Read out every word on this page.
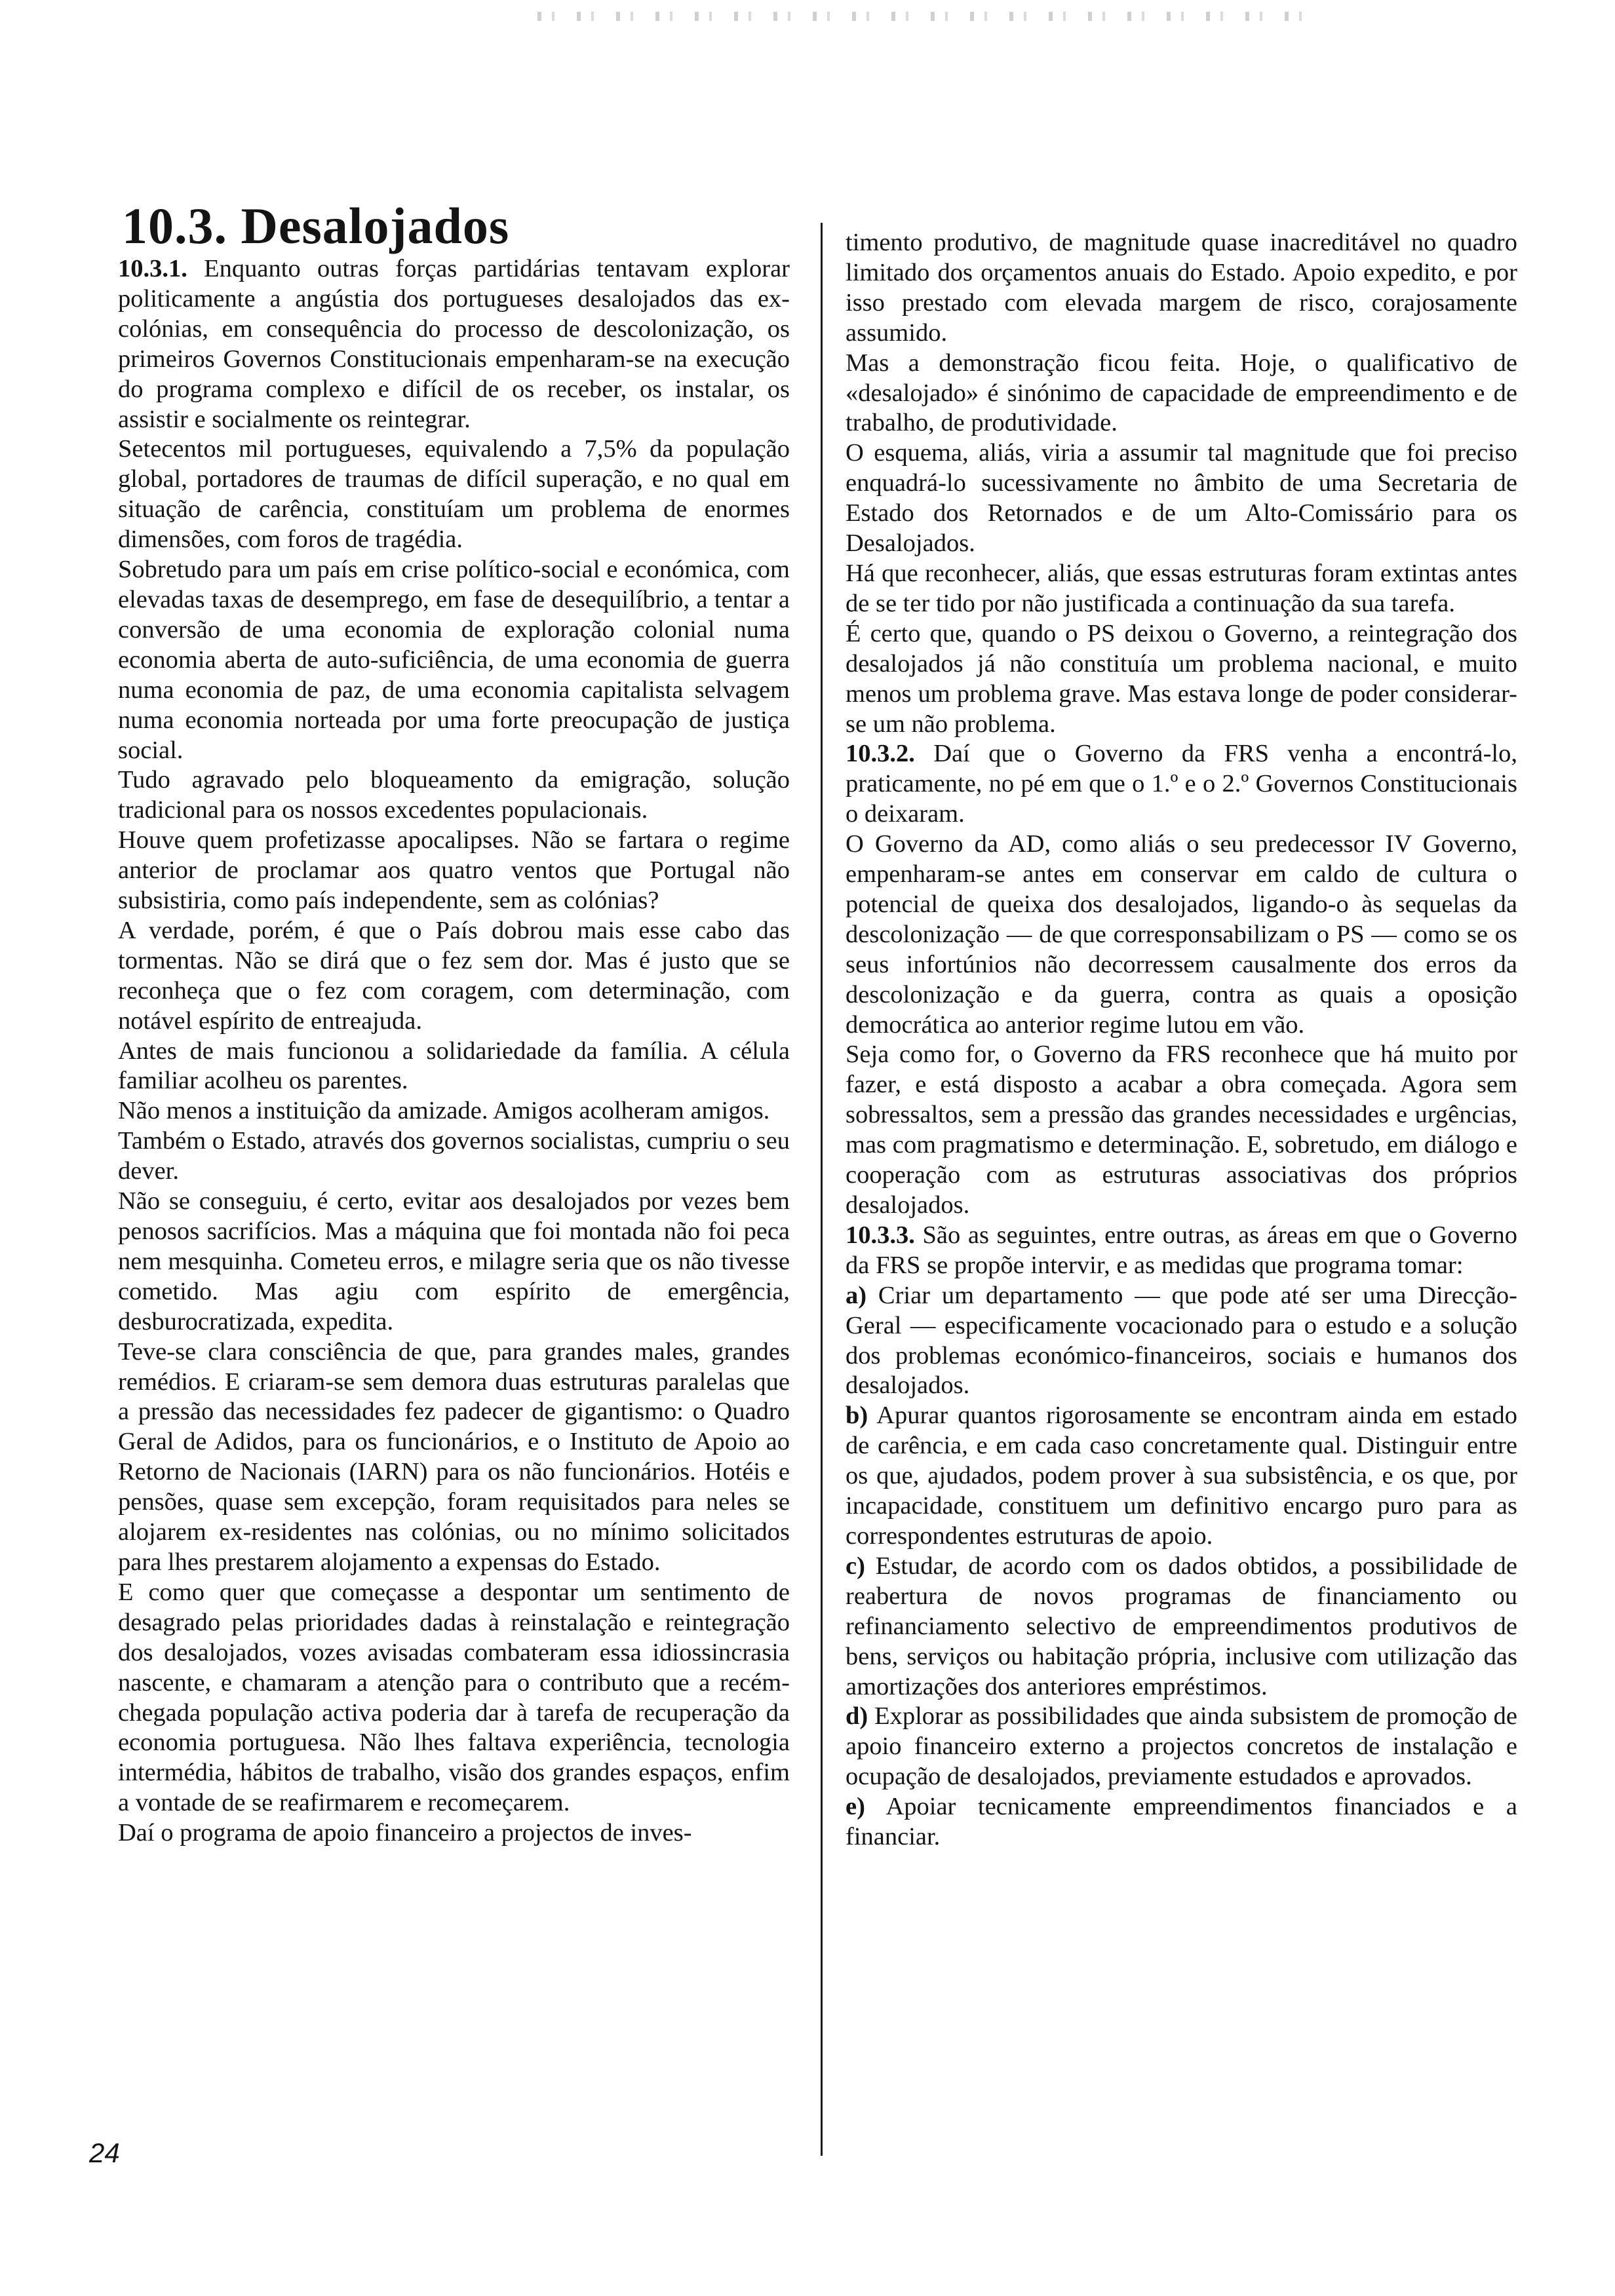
10.3. Desalojados

10.3.1. Enquanto outras forças partidárias tentavam explorar politicamente a angústia dos portugueses desalojados das ex-colónias, em consequência do processo de descolonização, os primeiros Governos Constitucionais empenharam-se na execução do programa complexo e difícil de os receber, os instalar, os assistir e socialmente os reintegrar.

Setecentos mil portugueses, equivalendo a 7,5% da população global, portadores de traumas de difícil superação, e no qual em situação de carência, constituíam um problema de enormes dimensões, com foros de tragédia.

Sobretudo para um país em crise político-social e económica, com elevadas taxas de desemprego, em fase de desequilíbrio, a tentar a conversão de uma economia de exploração colonial numa economia aberta de auto-suficiência, de uma economia de guerra numa economia de paz, de uma economia capitalista selvagem numa economia norteada por uma forte preocupação de justiça social.

Tudo agravado pelo bloqueamento da emigração, solução tradicional para os nossos excedentes populacionais.

Houve quem profetizasse apocalipses. Não se fartara o regime anterior de proclamar aos quatro ventos que Portugal não subsistiria, como país independente, sem as colónias?

A verdade, porém, é que o País dobrou mais esse cabo das tormentas. Não se dirá que o fez sem dor. Mas é justo que se reconheça que o fez com coragem, com determinação, com notável espírito de entreajuda.

Antes de mais funcionou a solidariedade da família. A célula familiar acolheu os parentes.

Não menos a instituição da amizade. Amigos acolheram amigos.

Também o Estado, através dos governos socialistas, cumpriu o seu dever.

Não se conseguiu, é certo, evitar aos desalojados por vezes bem penosos sacrifícios. Mas a máquina que foi montada não foi peca nem mesquinha. Cometeu erros, e milagre seria que os não tivesse cometido. Mas agiu com espírito de emergência, desburocratizada, expedita.

Teve-se clara consciência de que, para grandes males, grandes remédios. E criaram-se sem demora duas estruturas paralelas que a pressão das necessidades fez padecer de gigantismo: o Quadro Geral de Adidos, para os funcionários, e o Instituto de Apoio ao Retorno de Nacionais (IARN) para os não funcionários. Hotéis e pensões, quase sem excepção, foram requisitados para neles se alojarem ex-residentes nas colónias, ou no mínimo solicitados para lhes prestarem alojamento a expensas do Estado.

E como quer que começasse a despontar um sentimento de desagrado pelas prioridades dadas à reinstalação e reintegração dos desalojados, vozes avisadas combateram essa idiossincrasia nascente, e chamaram a atenção para o contributo que a recém-chegada população activa poderia dar à tarefa de recuperação da economia portuguesa. Não lhes faltava experiência, tecnologia intermédia, hábitos de trabalho, visão dos grandes espaços, enfim a vontade de se reafirmarem e recomeçarem.

Daí o programa de apoio financeiro a projectos de inves-

timento produtivo, de magnitude quase inacreditável no quadro limitado dos orçamentos anuais do Estado. Apoio expedito, e por isso prestado com elevada margem de risco, corajosamente assumido.

Mas a demonstração ficou feita. Hoje, o qualificativo de «desalojado» é sinónimo de capacidade de empreendimento e de trabalho, de produtividade.

O esquema, aliás, viria a assumir tal magnitude que foi preciso enquadrá-lo sucessivamente no âmbito de uma Secretaria de Estado dos Retornados e de um Alto-Comissário para os Desalojados.

Há que reconhecer, aliás, que essas estruturas foram extintas antes de se ter tido por não justificada a continuação da sua tarefa.

É certo que, quando o PS deixou o Governo, a reintegração dos desalojados já não constituía um problema nacional, e muito menos um problema grave. Mas estava longe de poder considerar-se um não problema.

10.3.2. Daí que o Governo da FRS venha a encontrá-lo, praticamente, no pé em que o 1.º e o 2.º Governos Constitucionais o deixaram.

O Governo da AD, como aliás o seu predecessor IV Governo, empenharam-se antes em conservar em caldo de cultura o potencial de queixa dos desalojados, ligando-o às sequelas da descolonização — de que corresponsabilizam o PS — como se os seus infortúnios não decorressem causalmente dos erros da descolonização e da guerra, contra as quais a oposição democrática ao anterior regime lutou em vão.

Seja como for, o Governo da FRS reconhece que há muito por fazer, e está disposto a acabar a obra começada. Agora sem sobressaltos, sem a pressão das grandes necessidades e urgências, mas com pragmatismo e determinação. E, sobretudo, em diálogo e cooperação com as estruturas associativas dos próprios desalojados.

10.3.3. São as seguintes, entre outras, as áreas em que o Governo da FRS se propõe intervir, e as medidas que programa tomar:

a) Criar um departamento — que pode até ser uma Direcção-Geral — especificamente vocacionado para o estudo e a solução dos problemas económico-financeiros, sociais e humanos dos desalojados.

b) Apurar quantos rigorosamente se encontram ainda em estado de carência, e em cada caso concretamente qual. Distinguir entre os que, ajudados, podem prover à sua subsistência, e os que, por incapacidade, constituem um definitivo encargo puro para as correspondentes estruturas de apoio.

c) Estudar, de acordo com os dados obtidos, a possibilidade de reabertura de novos programas de financiamento ou refinanciamento selectivo de empreendimentos produtivos de bens, serviços ou habitação própria, inclusive com utilização das amortizações dos anteriores empréstimos.

d) Explorar as possibilidades que ainda subsistem de promoção de apoio financeiro externo a projectos concretos de instalação e ocupação de desalojados, previamente estudados e aprovados.

e) Apoiar tecnicamente empreendimentos financiados e a financiar.

24
